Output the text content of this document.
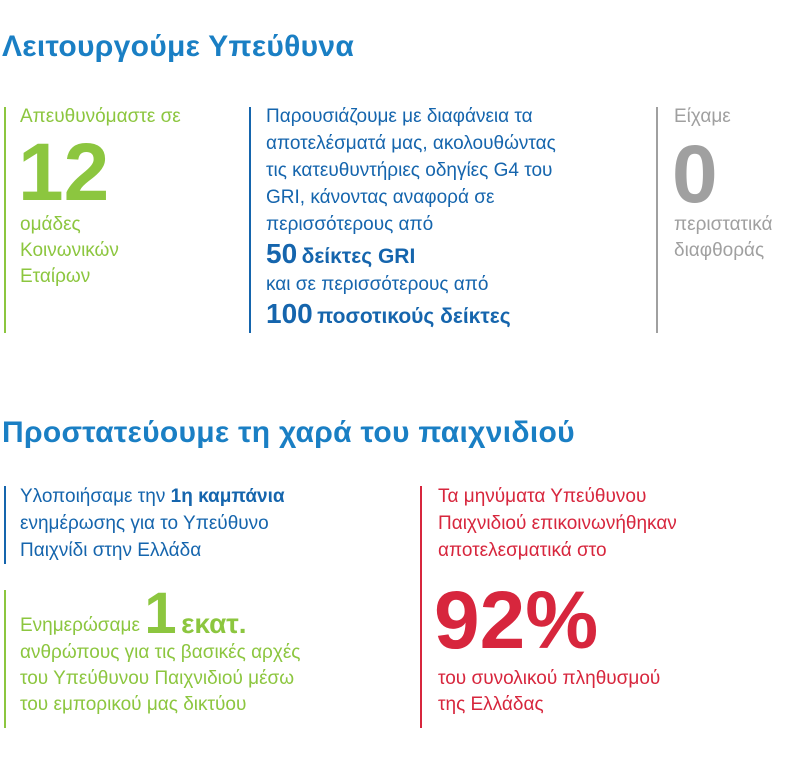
Λειτουργούμε Υπεύθυνα
Απευθυνόμαστε σε
12
ομάδες
Κοινωνικών
Εταίρων
Παρουσιάζουμε με διαφάνεια τα
αποτελέσματά μας, ακολουθώντας
τις κατευθυντήριες οδηγίες G4 του
GRI, κάνοντας αναφορά σε
περισσότερους από
50 δείκτες GRI
και σε περισσότερους από
100 ποσοτικούς δείκτες
Είχαμε
0
περιστατικά
διαφθοράς
Προστατεύουμε τη χαρά του παιχνιδιού
Υλοποιήσαμε την 1η καμπάνια
ενημέρωσης για το Υπεύθυνο
Παιχνίδι στην Ελλάδα
Ενημερώσαμε 1 εκατ.
ανθρώπους για τις βασικές αρχές
του Υπεύθυνου Παιχνιδιού μέσω
του εμπορικού μας δικτύου
Τα μηνύματα Υπεύθυνου
Παιχνιδιού επικοινωνήθηκαν
αποτελεσματικά στο
92%
του συνολικού πληθυσμού
της Ελλάδας
